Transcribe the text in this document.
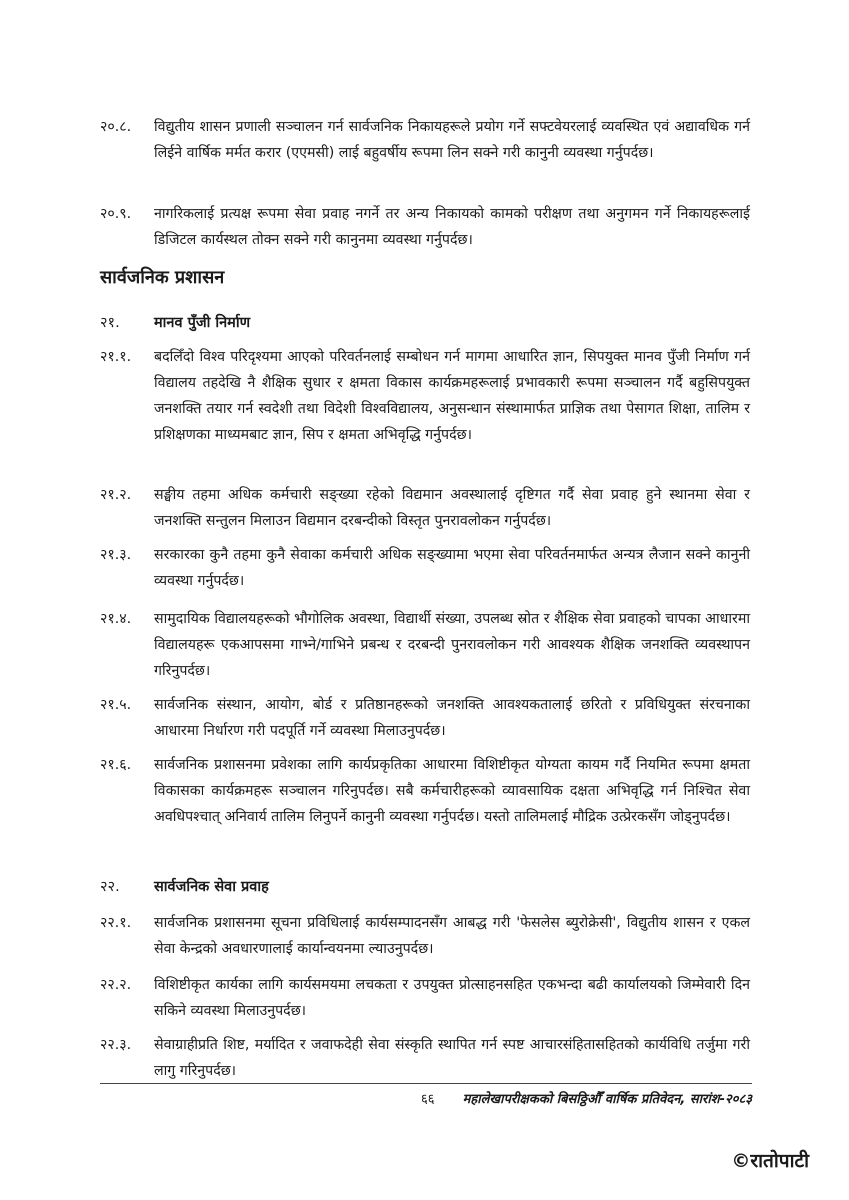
२०.८.	विद्युतीय शासन प्रणाली सञ्चालन गर्न सार्वजनिक निकायहरूले प्रयोग गर्ने सफ्टवेयरलाई व्यवस्थित एवं अद्यावधिक गर्न लिईने वार्षिक मर्मत करार (एएमसी) लाई बहुवर्षीय रूपमा लिन सक्ने गरी कानुनी व्यवस्था गर्नुपर्दछ।
२०.९.	नागरिकलाई प्रत्यक्ष रूपमा सेवा प्रवाह नगर्ने तर अन्य निकायको कामको परीक्षण तथा अनुगमन गर्ने निकायहरूलाई डिजिटल कार्यस्थल तोक्न सक्ने गरी कानुनमा व्यवस्था गर्नुपर्दछ।
सार्वजनिक प्रशासन
२१.	मानव पुँजी निर्माण
२१.१.	बदलिँदो विश्व परिदृश्यमा आएको परिवर्तनलाई सम्बोधन गर्न मागमा आधारित ज्ञान, सिपयुक्त मानव पुँजी निर्माण गर्न विद्यालय तहदेखि नै शैक्षिक सुधार र क्षमता विकास कार्यक्रमहरूलाई प्रभावकारी रूपमा सञ्चालन गर्दै बहुसिपयुक्त जनशक्ति तयार गर्न स्वदेशी तथा विदेशी विश्वविद्यालय, अनुसन्धान संस्थामार्फत प्राज्ञिक तथा पेसागत शिक्षा, तालिम र प्रशिक्षणका माध्यमबाट ज्ञान, सिप र क्षमता अभिवृद्धि गर्नुपर्दछ।
२१.२.	सङ्घीय तहमा अधिक कर्मचारी सङ्ख्या रहेको विद्यमान अवस्थालाई दृष्टिगत गर्दै सेवा प्रवाह हुने स्थानमा सेवा र जनशक्ति सन्तुलन मिलाउन विद्यमान दरबन्दीको विस्तृत पुनरावलोकन गर्नुपर्दछ।
२१.३.	सरकारका कुनै तहमा कुनै सेवाका कर्मचारी अधिक सङ्ख्यामा भएमा सेवा परिवर्तनमार्फत अन्यत्र लैजान सक्ने कानुनी व्यवस्था गर्नुपर्दछ।
२१.४.	सामुदायिक विद्यालयहरूको भौगोलिक अवस्था, विद्यार्थी संख्या, उपलब्ध स्रोत र शैक्षिक सेवा प्रवाहको चापका आधारमा विद्यालयहरू एकआपसमा गाभ्ने/गाभिने प्रबन्ध र दरबन्दी पुनरावलोकन गरी आवश्यक शैक्षिक जनशक्ति व्यवस्थापन गरिनुपर्दछ।
२१.५.	सार्वजनिक संस्थान, आयोग, बोर्ड र प्रतिष्ठानहरूको जनशक्ति आवश्यकतालाई छरितो र प्रविधियुक्त संरचनाका आधारमा निर्धारण गरी पदपूर्ति गर्ने व्यवस्था मिलाउनुपर्दछ।
२१.६.	सार्वजनिक प्रशासनमा प्रवेशका लागि कार्यप्रकृतिका आधारमा विशिष्टीकृत योग्यता कायम गर्दै नियमित रूपमा क्षमता विकासका कार्यक्रमहरू सञ्चालन गरिनुपर्दछ। सबै कर्मचारीहरूको व्यावसायिक दक्षता अभिवृद्धि गर्न निश्चित सेवा अवधिपश्चात् अनिवार्य तालिम लिनुपर्ने कानुनी व्यवस्था गर्नुपर्दछ। यस्तो तालिमलाई मौद्रिक उत्प्रेरकसँग जोड्नुपर्दछ।
२२.	सार्वजनिक सेवा प्रवाह
२२.१.	सार्वजनिक प्रशासनमा सूचना प्रविधिलाई कार्यसम्पादनसँग आबद्ध गरी 'फेसलेस ब्युरोक्रेसी', विद्युतीय शासन र एकल सेवा केन्द्रको अवधारणालाई कार्यान्वयनमा ल्याउनुपर्दछ।
२२.२.	विशिष्टीकृत कार्यका लागि कार्यसमयमा लचकता र उपयुक्त प्रोत्साहनसहित एकभन्दा बढी कार्यालयको जिम्मेवारी दिन सकिने व्यवस्था मिलाउनुपर्दछ।
२२.३.	सेवाग्राहीप्रति शिष्ट, मर्यादित र जवाफदेही सेवा संस्कृति स्थापित गर्न स्पष्ट आचारसंहितासहितको कार्यविधि तर्जुमा गरी लागु गरिनुपर्दछ।
६६ महालेखापरीक्षकको बिसठ्ठिऔँ वार्षिक प्रतिवेदन, सारांश-२०८३
©रातोपाटी
